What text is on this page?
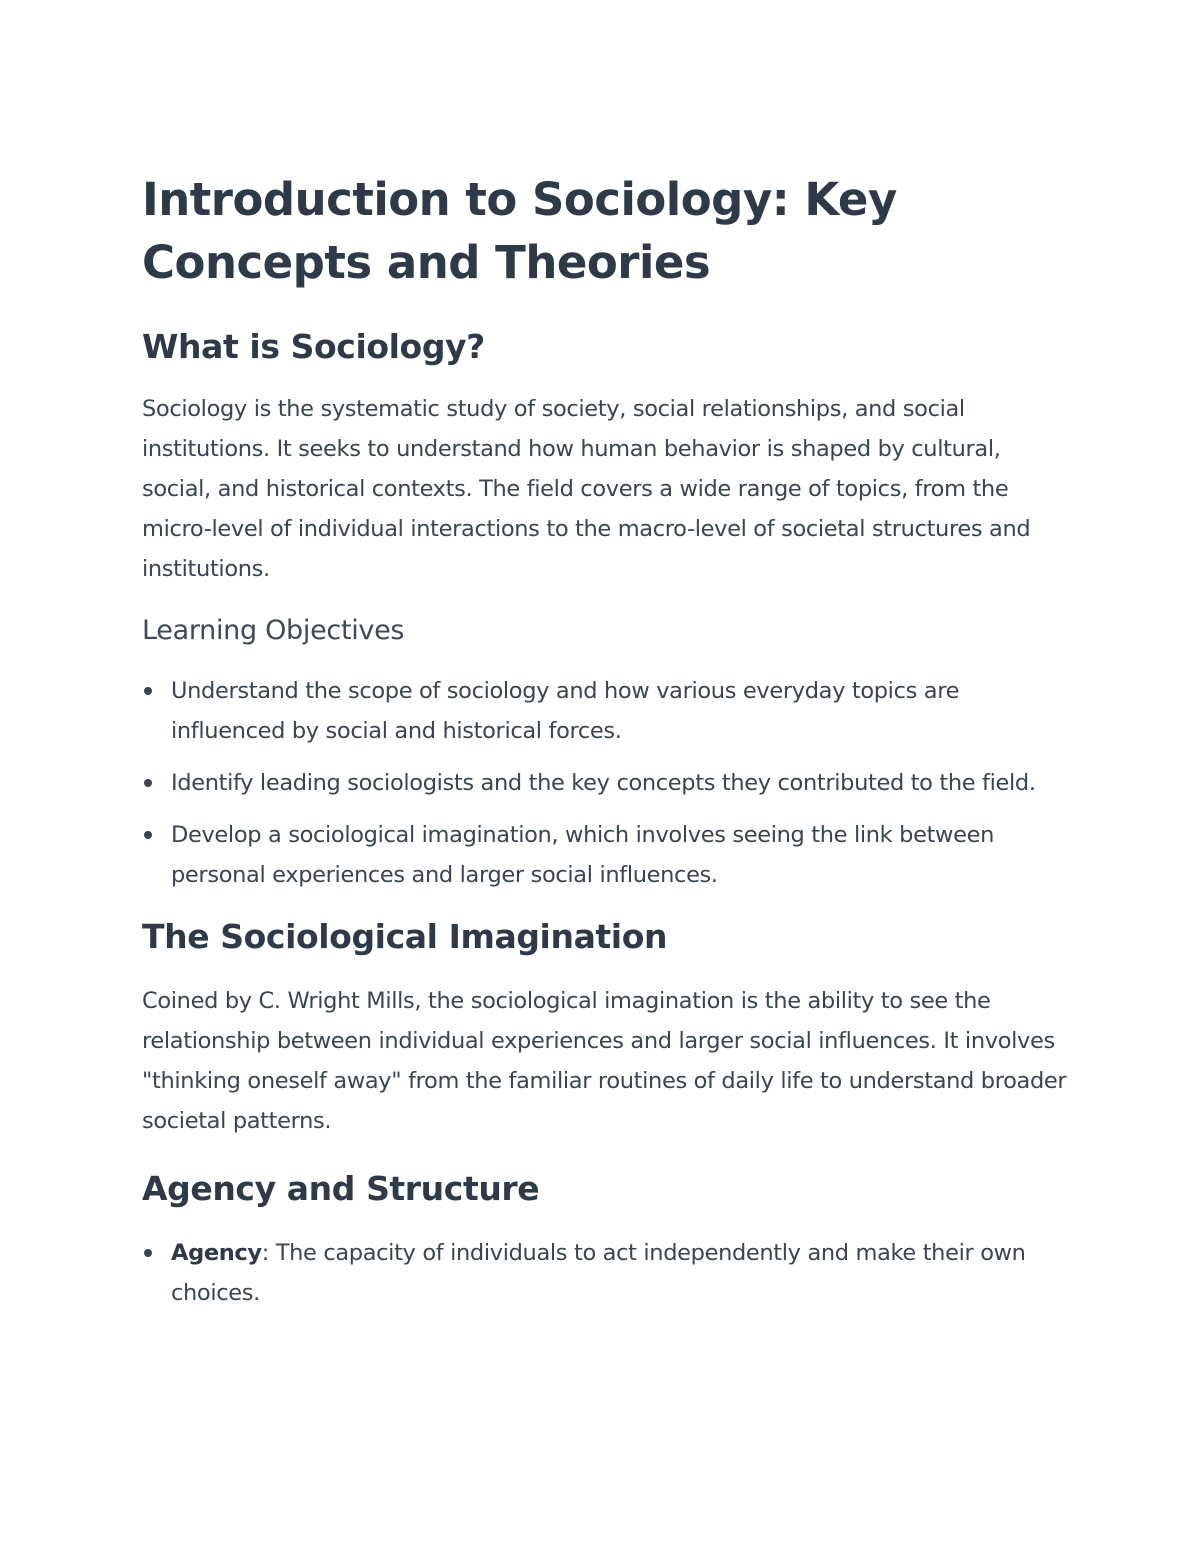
Introduction to Sociology: Key Concepts and Theories
What is Sociology?

Sociology is the systematic study of society, social relationships, and social institutions. It seeks to understand how human behavior is shaped by cultural, social, and historical contexts. The field covers a wide range of topics, from the micro-level of individual interactions to the macro-level of societal structures and institutions.

Learning Objectives
Understand the scope of sociology and how various everyday topics are influenced by social and historical forces.
Identify leading sociologists and the key concepts they contributed to the field.
Develop a sociological imagination, which involves seeing the link between personal experiences and larger social influences.
The Sociological Imagination

Coined by C. Wright Mills, the sociological imagination is the ability to see the relationship between individual experiences and larger social influences. It involves "thinking oneself away" from the familiar routines of daily life to understand broader societal patterns.

Agency and Structure
Agency: The capacity of individuals to act independently and make their own choices.
